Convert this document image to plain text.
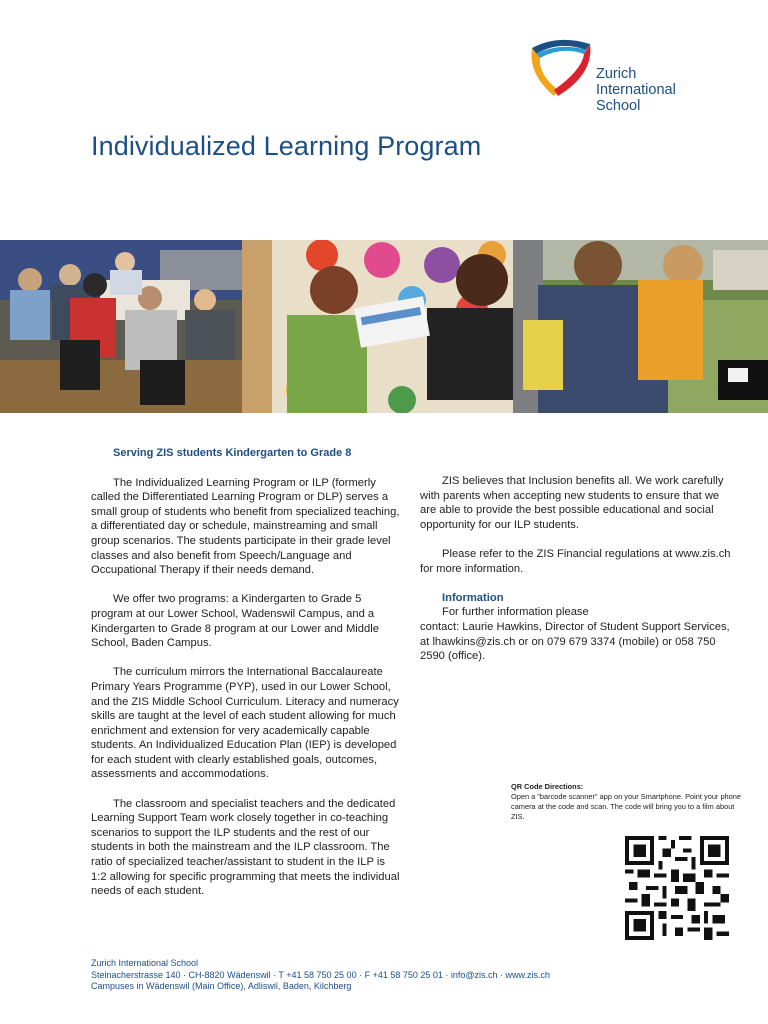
Zurich
International
School
Individualized Learning Program
Serving ZIS students Kindergarten to Grade 8

The Individualized Learning Program or ILP (formerly called the Differentiated Learning Program or DLP) serves a small group of students who benefit from specialized teaching, a differentiated day or schedule, mainstreaming and small group scenarios. The students participate in their grade level classes and also benefit from Speech/Language and Occupational Therapy if their needs demand.

We offer two programs: a Kindergarten to Grade 5 program at our Lower School, Wadenswil Campus, and a Kindergarten to Grade 8 program at our Lower and Middle School, Baden Campus.

The curriculum mirrors the International Baccalaureate Primary Years Programme (PYP), used in our Lower School, and the ZIS Middle School Curriculum. Literacy and numeracy skills are taught at the level of each student allowing for much enrichment and extension for very academically capable students. An Individualized Education Plan (IEP) is developed for each student with clearly established goals, outcomes, assessments and accommodations.

The classroom and specialist teachers and the dedicated Learning Support Team work closely together in co-teaching scenarios to support the ILP students and the rest of our students in both the mainstream and the ILP classroom. The ratio of specialized teacher/assistant to student in the ILP is 1:2 allowing for specific programming that meets the individual needs of each student.

ZIS believes that Inclusion benefits all. We work carefully with parents when accepting new students to ensure that we are able to provide the best possible educational and social opportunity for our ILP students.

Please refer to the ZIS Financial regulations at www.zis.ch for more information.

Information
For further information please
contact: Laurie Hawkins, Director of Student Support Services, at lhawkins@zis.ch or on 079 679 3374 (mobile) or 058 750 2590 (office).
QR Code Directions:
Open a "barcode scanner" app on your Smartphone. Point your phone camera at the code and scan. The code will bring you to a film about ZIS.
Zurich International School
Steinacherstrasse 140 · CH-8820 Wädenswil · T +41 58 750 25 00 · F +41 58 750 25 01 · info@zis.ch · www.zis.ch
Campuses in Wädenswil (Main Office), Adliswil, Baden, Kilchberg
